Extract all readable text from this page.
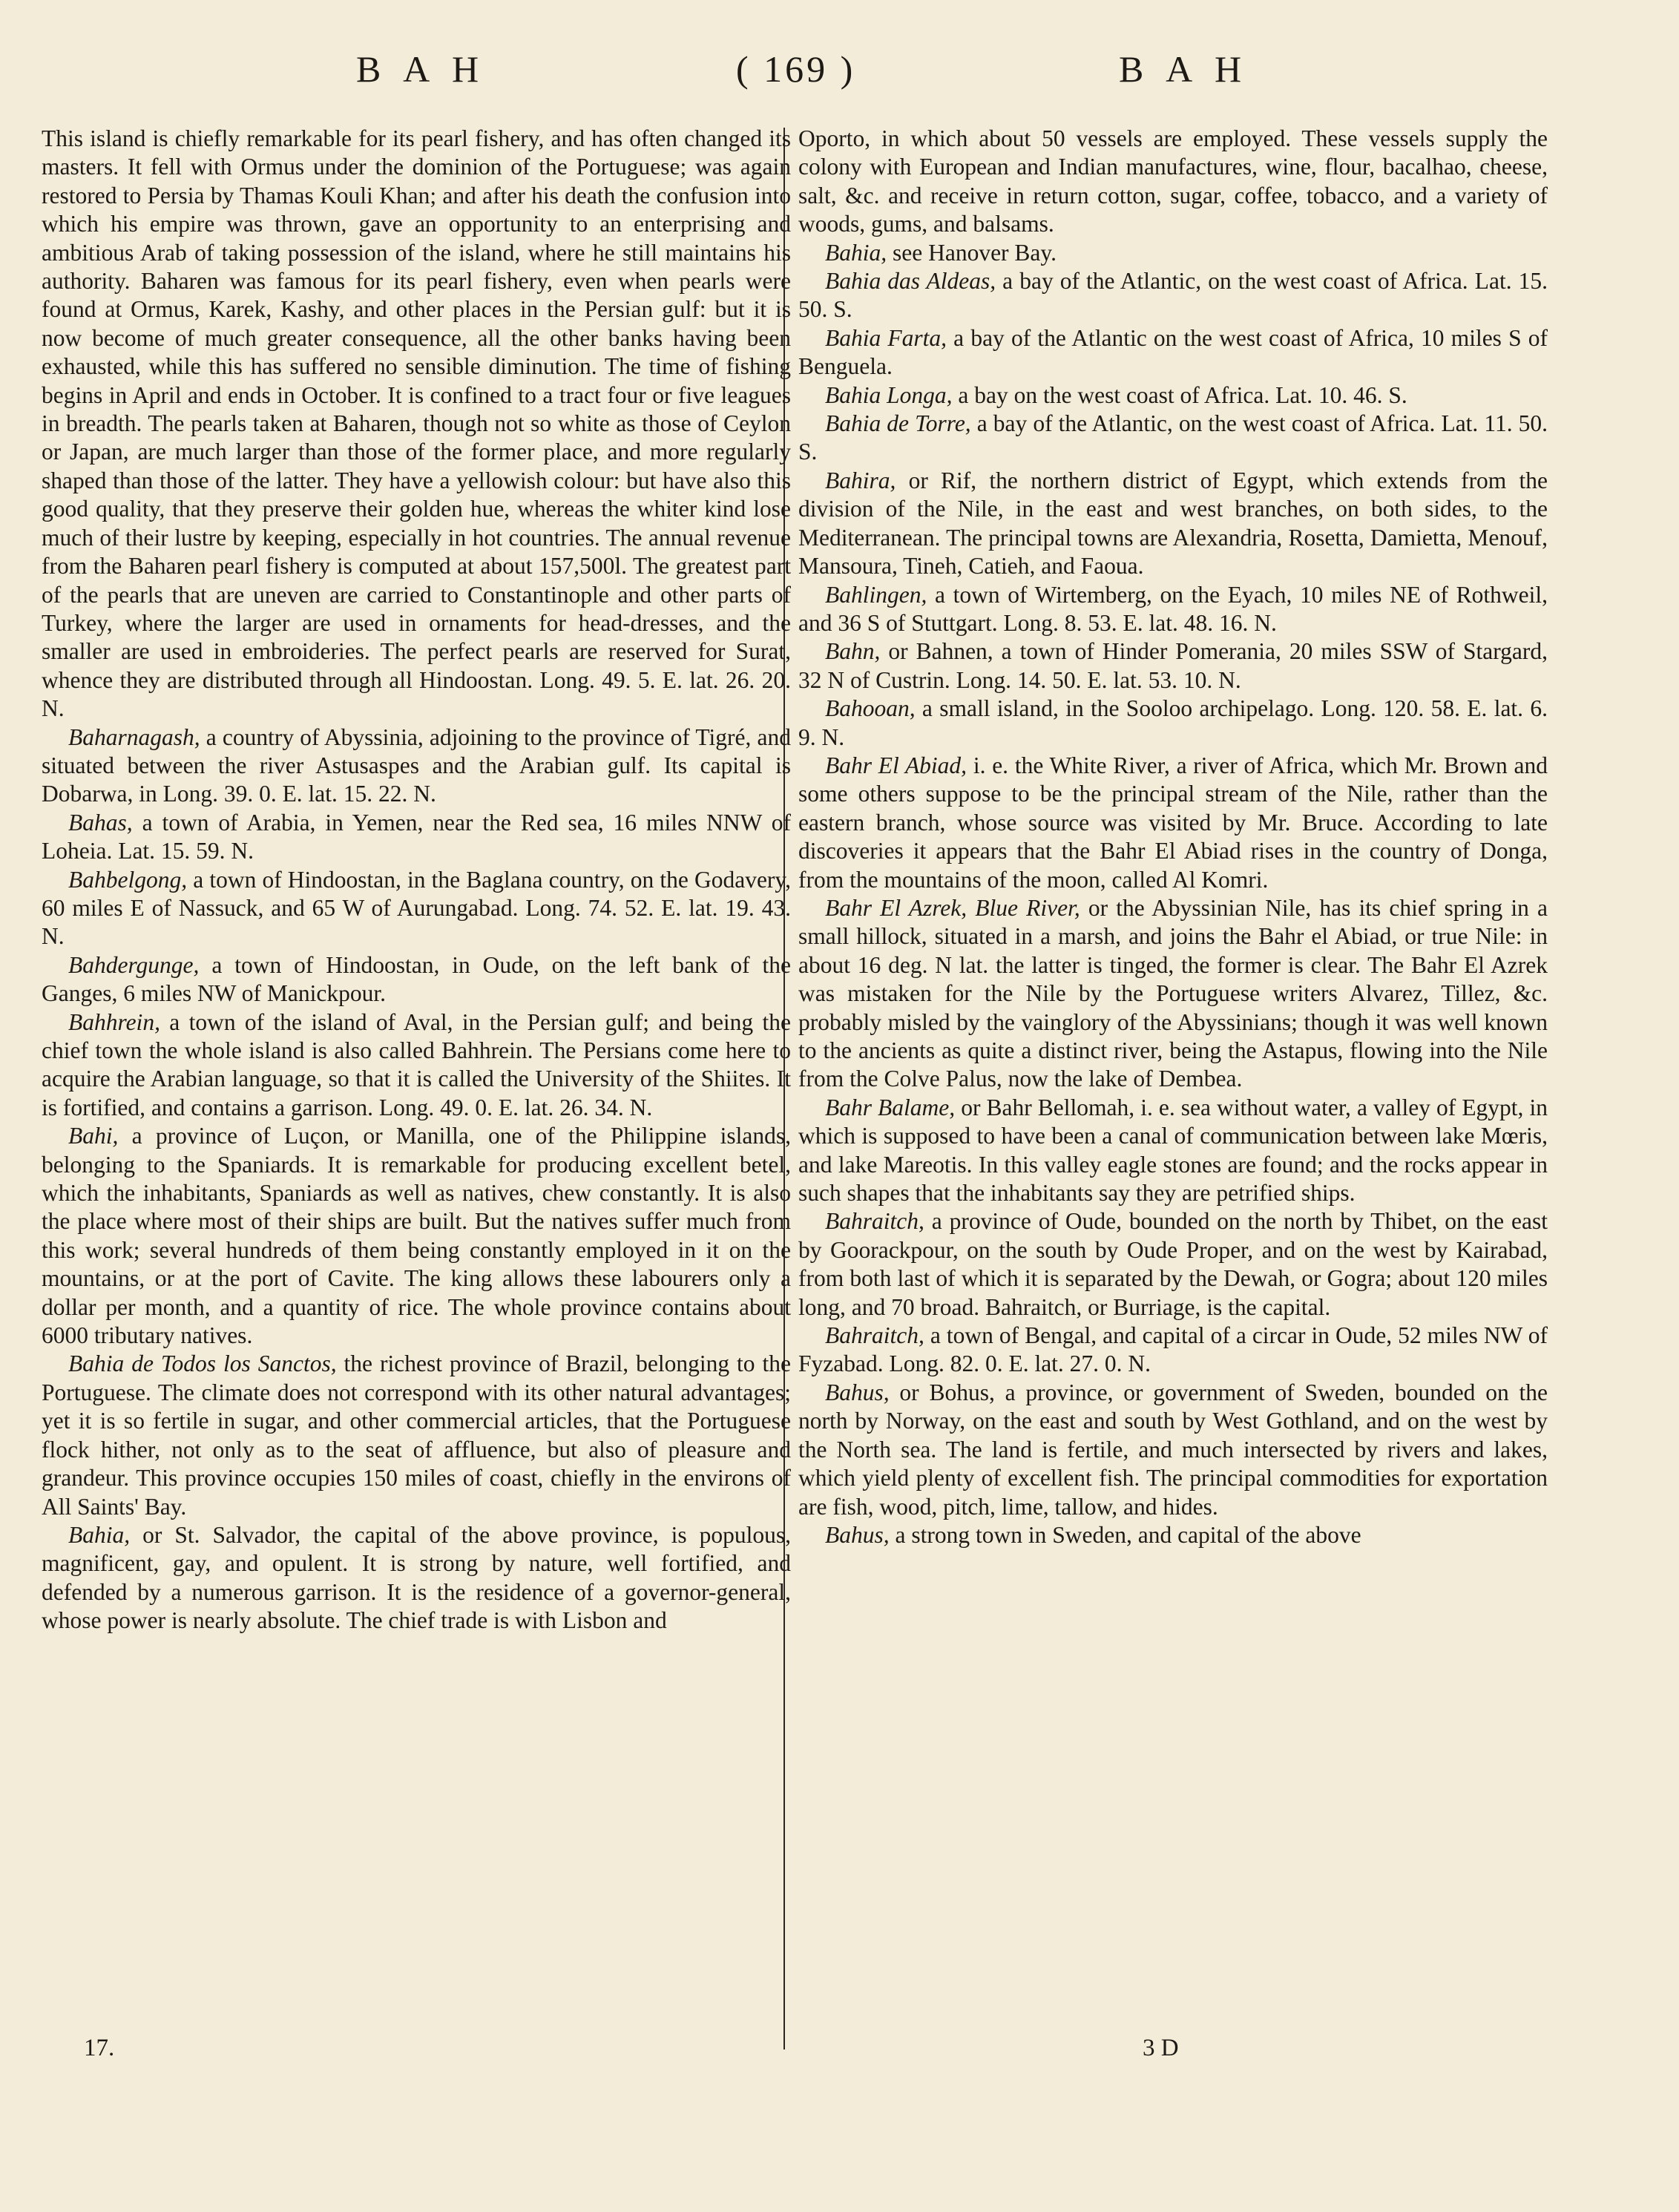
B A H	( 169 )	B A H

This island is chiefly remarkable for its pearl fishery, and has often changed its masters. It fell with Ormus under the dominion of the Portuguese; was again restored to Persia by Thamas Kouli Khan; and after his death the confusion into which his empire was thrown, gave an opportunity to an enterprising and ambitious Arab of taking possession of the island, where he still maintains his authority. Baharen was famous for its pearl fishery, even when pearls were found at Ormus, Karek, Kashy, and other places in the Persian gulf: but it is now become of much greater consequence, all the other banks having been exhausted, while this has suffered no sensible diminution. The time of fishing begins in April and ends in October. It is confined to a tract four or five leagues in breadth. The pearls taken at Baharen, though not so white as those of Ceylon or Japan, are much larger than those of the former place, and more regularly shaped than those of the latter. They have a yellowish colour: but have also this good quality, that they preserve their golden hue, whereas the whiter kind lose much of their lustre by keeping, especially in hot countries. The annual revenue from the Baharen pearl fishery is computed at about 157,500l. The greatest part of the pearls that are uneven are carried to Constantinople and other parts of Turkey, where the larger are used in ornaments for head-dresses, and the smaller are used in embroideries. The perfect pearls are reserved for Surat, whence they are distributed through all Hindoostan. Long. 49. 5. E. lat. 26. 20. N.

Baharnagash, a country of Abyssinia, adjoining to the province of Tigré, and situated between the river Astusaspes and the Arabian gulf. Its capital is Dobarwa, in Long. 39. 0. E. lat. 15. 22. N.

Bahas, a town of Arabia, in Yemen, near the Red sea, 16 miles NNW of Loheia. Lat. 15. 59. N.

Bahbelgong, a town of Hindoostan, in the Baglana country, on the Godavery, 60 miles E of Nassuck, and 65 W of Aurungabad. Long. 74. 52. E. lat. 19. 43. N.

Bahdergunge, a town of Hindoostan, in Oude, on the left bank of the Ganges, 6 miles NW of Manickpour.

Bahhrein, a town of the island of Aval, in the Persian gulf; and being the chief town the whole island is also called Bahhrein. The Persians come here to acquire the Arabian language, so that it is called the University of the Shiites. It is fortified, and contains a garrison. Long. 49. 0. E. lat. 26. 34. N.

Bahi, a province of Luçon, or Manilla, one of the Philippine islands, belonging to the Spaniards. It is remarkable for producing excellent betel, which the inhabitants, Spaniards as well as natives, chew constantly. It is also the place where most of their ships are built. But the natives suffer much from this work; several hundreds of them being constantly employed in it on the mountains, or at the port of Cavite. The king allows these labourers only a dollar per month, and a quantity of rice. The whole province contains about 6000 tributary natives.

Bahia de Todos los Sanctos, the richest province of Brazil, belonging to the Portuguese. The climate does not correspond with its other natural advantages; yet it is so fertile in sugar, and other commercial articles, that the Portuguese flock hither, not only as to the seat of affluence, but also of pleasure and grandeur. This province occupies 150 miles of coast, chiefly in the environs of All Saints' Bay.

Bahia, or St. Salvador, the capital of the above province, is populous, magnificent, gay, and opulent. It is strong by nature, well fortified, and defended by a numerous garrison. It is the residence of a governor-general, whose power is nearly absolute. The chief trade is with Lisbon and

Oporto, in which about 50 vessels are employed. These vessels supply the colony with European and Indian manufactures, wine, flour, bacalhao, cheese, salt, &c. and receive in return cotton, sugar, coffee, tobacco, and a variety of woods, gums, and balsams.

Bahia, see Hanover Bay.

Bahia das Aldeas, a bay of the Atlantic, on the west coast of Africa. Lat. 15. 50. S.

Bahia Farta, a bay of the Atlantic on the west coast of Africa, 10 miles S of Benguela.

Bahia Longa, a bay on the west coast of Africa. Lat. 10. 46. S.

Bahia de Torre, a bay of the Atlantic, on the west coast of Africa. Lat. 11. 50. S.

Bahira, or Rif, the northern district of Egypt, which extends from the division of the Nile, in the east and west branches, on both sides, to the Mediterranean. The principal towns are Alexandria, Rosetta, Damietta, Menouf, Mansoura, Tineh, Catieh, and Faoua.

Bahlingen, a town of Wirtemberg, on the Eyach, 10 miles NE of Rothweil, and 36 S of Stuttgart. Long. 8. 53. E. lat. 48. 16. N.

Bahn, or Bahnen, a town of Hinder Pomerania, 20 miles SSW of Stargard, 32 N of Custrin. Long. 14. 50. E. lat. 53. 10. N.

Bahooan, a small island, in the Sooloo archipelago. Long. 120. 58. E. lat. 6. 9. N.

Bahr El Abiad, i. e. the White River, a river of Africa, which Mr. Brown and some others suppose to be the principal stream of the Nile, rather than the eastern branch, whose source was visited by Mr. Bruce. According to late discoveries it appears that the Bahr El Abiad rises in the country of Donga, from the mountains of the moon, called Al Komri.

Bahr El Azrek, Blue River, or the Abyssinian Nile, has its chief spring in a small hillock, situated in a marsh, and joins the Bahr el Abiad, or true Nile: in about 16 deg. N lat. the latter is tinged, the former is clear. The Bahr El Azrek was mistaken for the Nile by the Portuguese writers Alvarez, Tillez, &c. probably misled by the vainglory of the Abyssinians; though it was well known to the ancients as quite a distinct river, being the Astapus, flowing into the Nile from the Colve Palus, now the lake of Dembea.

Bahr Balame, or Bahr Bellomah, i. e. sea without water, a valley of Egypt, in which is supposed to have been a canal of communication between lake Mœris, and lake Mareotis. In this valley eagle stones are found; and the rocks appear in such shapes that the inhabitants say they are petrified ships.

Bahraitch, a province of Oude, bounded on the north by Thibet, on the east by Goorackpour, on the south by Oude Proper, and on the west by Kairabad, from both last of which it is separated by the Dewah, or Gogra; about 120 miles long, and 70 broad. Bahraitch, or Burriage, is the capital.

Bahraitch, a town of Bengal, and capital of a circar in Oude, 52 miles NW of Fyzabad. Long. 82. 0. E. lat. 27. 0. N.

Bahus, or Bohus, a province, or government of Sweden, bounded on the north by Norway, on the east and south by West Gothland, and on the west by the North sea. The land is fertile, and much intersected by rivers and lakes, which yield plenty of excellent fish. The principal commodities for exportation are fish, wood, pitch, lime, tallow, and hides.

Bahus, a strong town in Sweden, and capital of the above

17.	3 D
